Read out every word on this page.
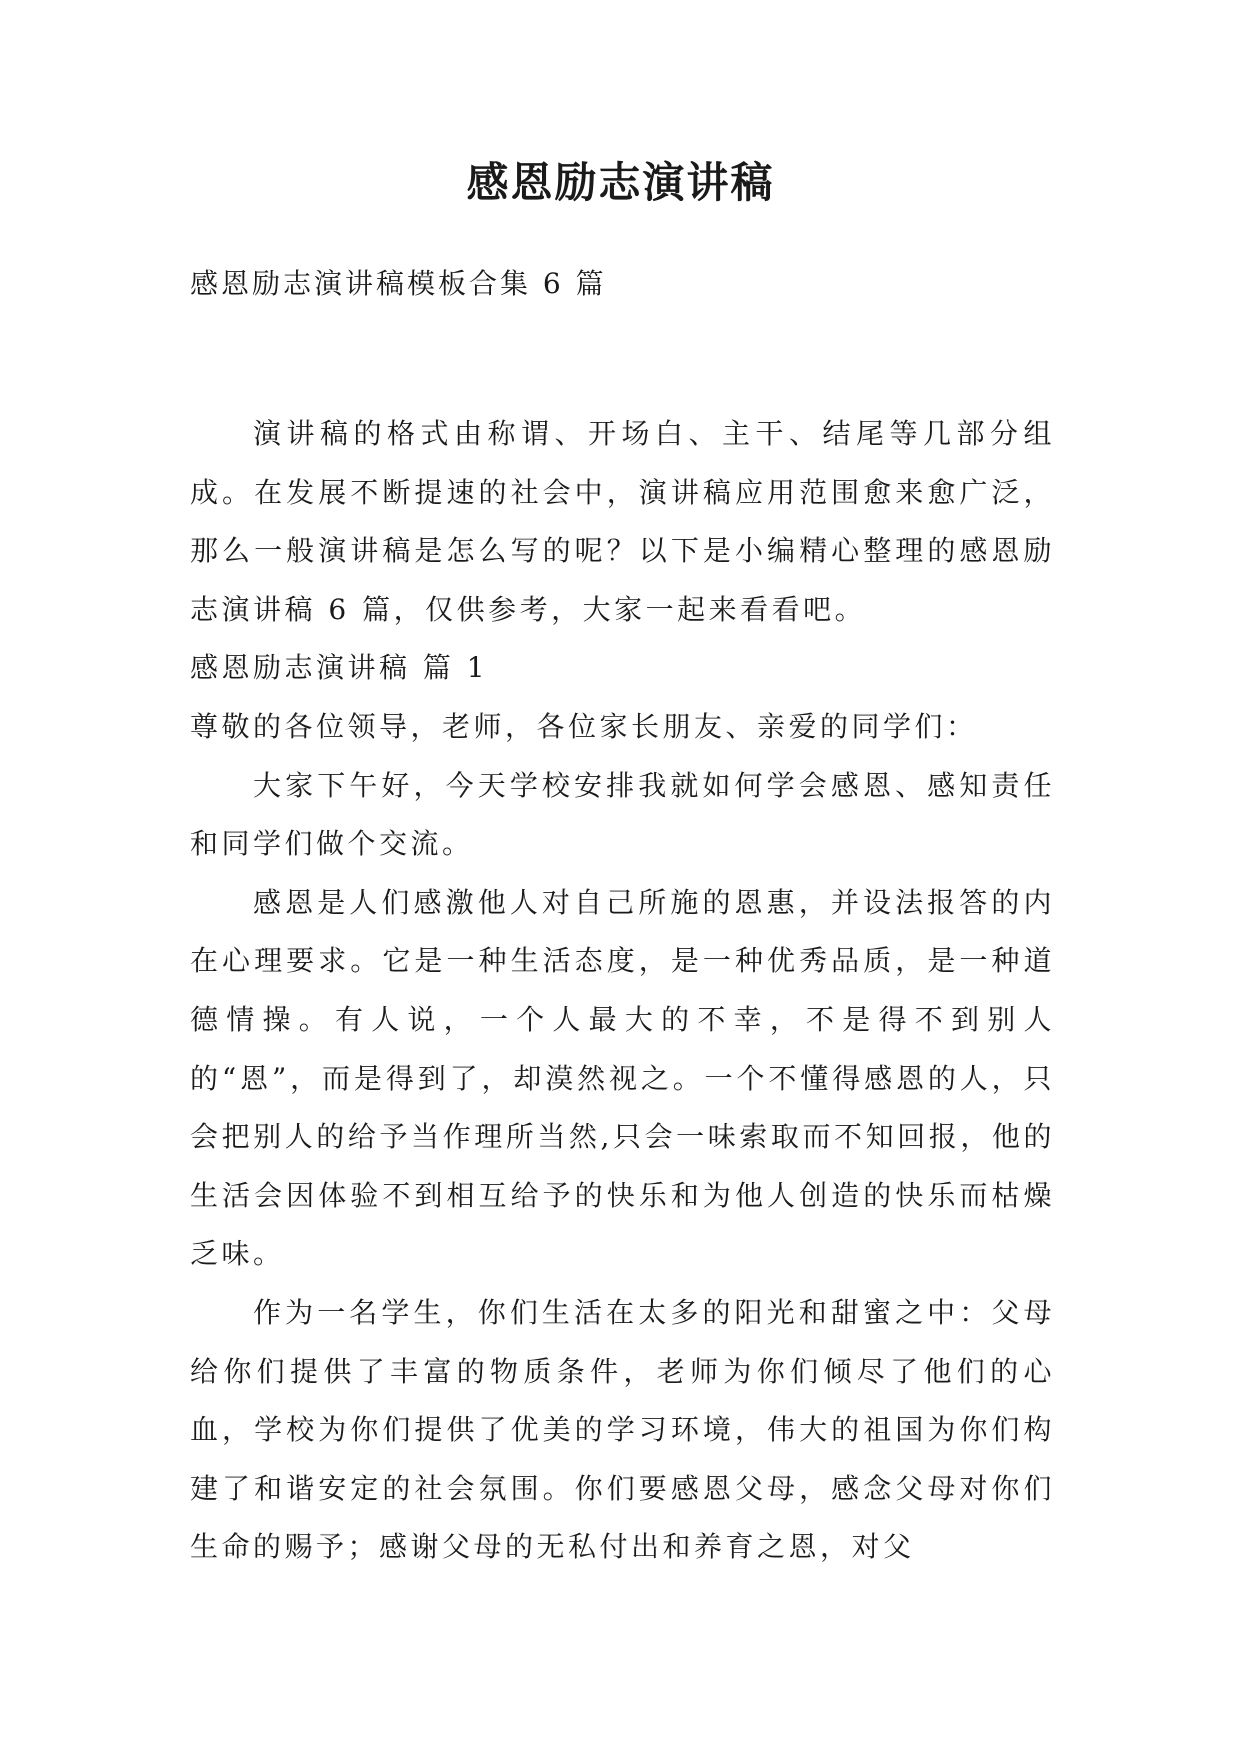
感恩励志演讲稿

感恩励志演讲稿模板合集 6 篇

演讲稿的格式由称谓、开场白、主干、结尾等几部分组成。在发展不断提速的社会中，演讲稿应用范围愈来愈广泛，那么一般演讲稿是怎么写的呢？以下是小编精心整理的感恩励志演讲稿 6 篇，仅供参考，大家一起来看看吧。

感恩励志演讲稿 篇 1

尊敬的各位领导，老师，各位家长朋友、亲爱的同学们：

大家下午好，今天学校安排我就如何学会感恩、感知责任和同学们做个交流。

感恩是人们感激他人对自己所施的恩惠，并设法报答的内在心理要求。它是一种生活态度，是一种优秀品质，是一种道德情操。有人说，一个人最大的不幸，不是得不到别人的“恩”，而是得到了，却漠然视之。一个不懂得感恩的人，只会把别人的给予当作理所当然,只会一味索取而不知回报，他的生活会因体验不到相互给予的快乐和为他人创造的快乐而枯燥乏味。

作为一名学生，你们生活在太多的阳光和甜蜜之中：父母给你们提供了丰富的物质条件，老师为你们倾尽了他们的心血，学校为你们提供了优美的学习环境，伟大的祖国为你们构建了和谐安定的社会氛围。你们要感恩父母，感念父母对你们生命的赐予；感谢父母的无私付出和养育之恩，对父
